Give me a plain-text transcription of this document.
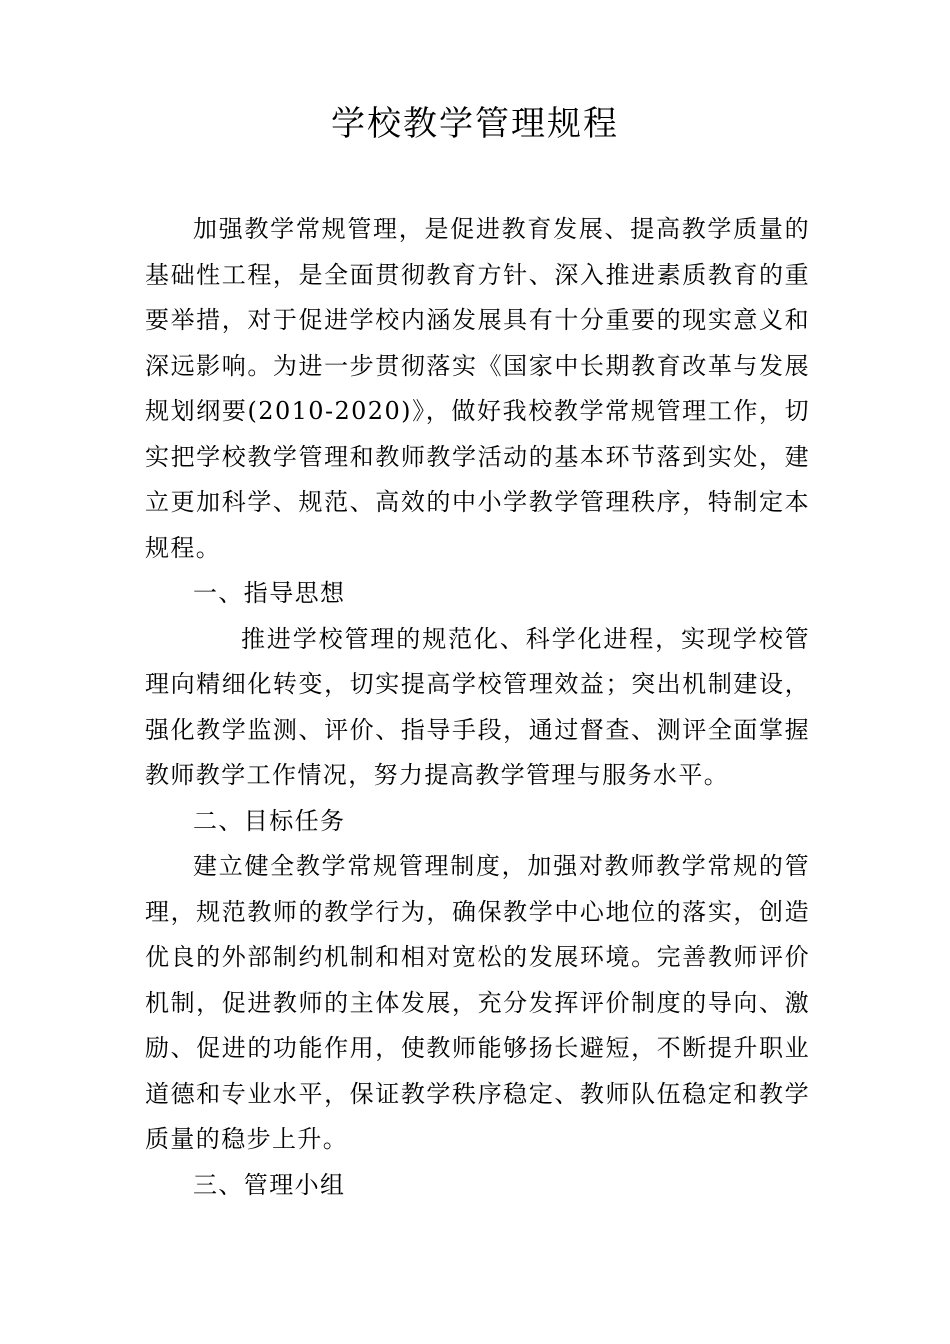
学校教学管理规程

加强教学常规管理，是促进教育发展、提高教学质量的基础性工程，是全面贯彻教育方针、深入推进素质教育的重要举措，对于促进学校内涵发展具有十分重要的现实意义和深远影响。为进一步贯彻落实《国家中长期教育改革与发展规划纲要(2010-2020)》，做好我校教学常规管理工作，切实把学校教学管理和教师教学活动的基本环节落到实处，建立更加科学、规范、高效的中小学教学管理秩序，特制定本规程。

一、指导思想

推进学校管理的规范化、科学化进程，实现学校管理向精细化转变，切实提高学校管理效益；突出机制建设，强化教学监测、评价、指导手段，通过督查、测评全面掌握教师教学工作情况，努力提高教学管理与服务水平。

二、目标任务

建立健全教学常规管理制度，加强对教师教学常规的管理，规范教师的教学行为，确保教学中心地位的落实，创造优良的外部制约机制和相对宽松的发展环境。完善教师评价机制，促进教师的主体发展，充分发挥评价制度的导向、激励、促进的功能作用，使教师能够扬长避短，不断提升职业道德和专业水平，保证教学秩序稳定、教师队伍稳定和教学质量的稳步上升。

三、管理小组
